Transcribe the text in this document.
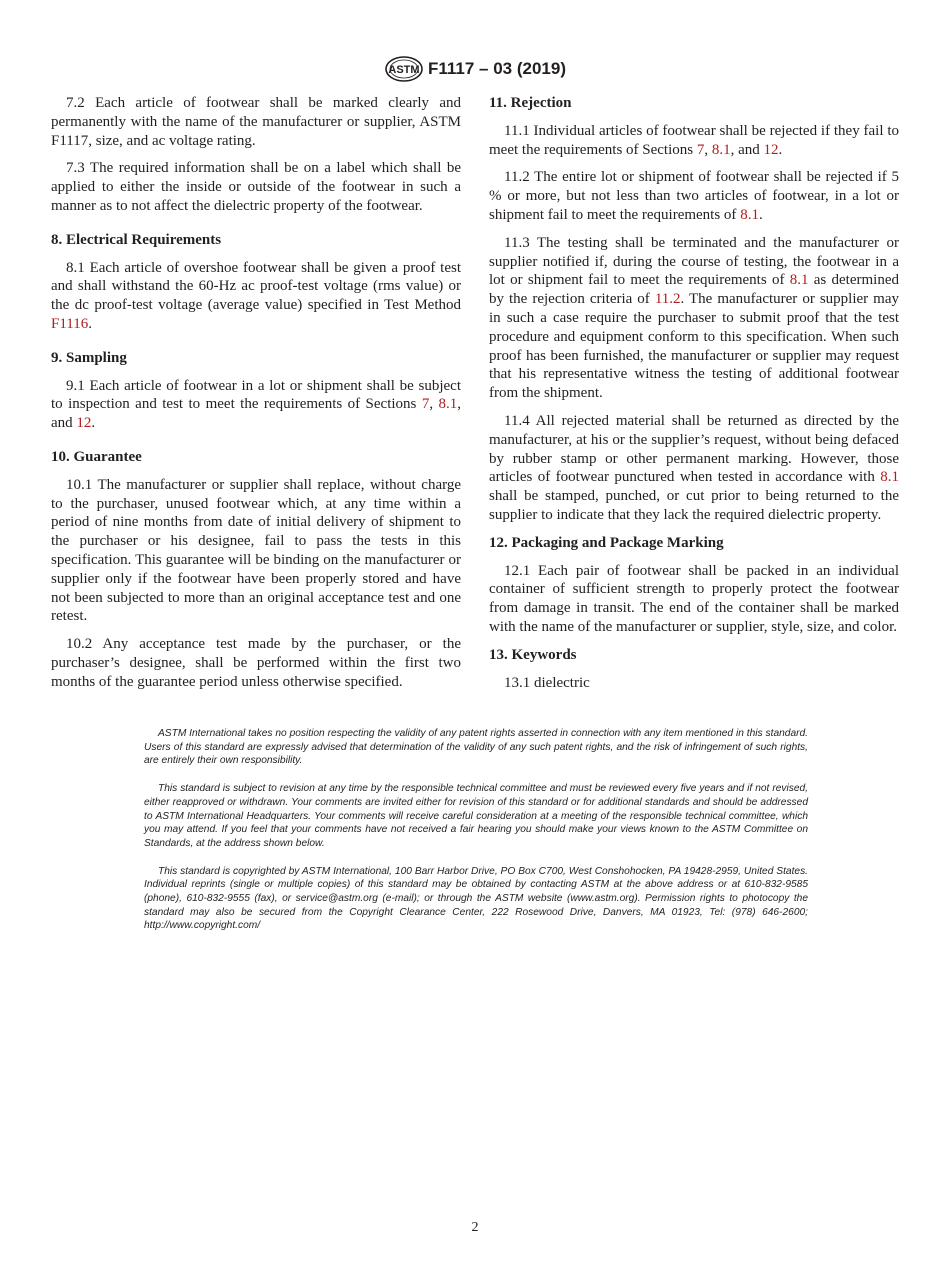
ASTM F1117 – 03 (2019)

7.2 Each article of footwear shall be marked clearly and permanently with the name of the manufacturer or supplier, ASTM F1117, size, and ac voltage rating.

7.3 The required information shall be on a label which shall be applied to either the inside or outside of the footwear in such a manner as to not affect the dielectric property of the footwear.

8. Electrical Requirements

8.1 Each article of overshoe footwear shall be given a proof test and shall withstand the 60-Hz ac proof-test voltage (rms value) or the dc proof-test voltage (average value) specified in Test Method F1116.

9. Sampling

9.1 Each article of footwear in a lot or shipment shall be subject to inspection and test to meet the requirements of Sections 7, 8.1, and 12.

10. Guarantee

10.1 The manufacturer or supplier shall replace, without charge to the purchaser, unused footwear which, at any time within a period of nine months from date of initial delivery of shipment to the purchaser or his designee, fail to pass the tests in this specification. This guarantee will be binding on the manufacturer or supplier only if the footwear have been properly stored and have not been subjected to more than an original acceptance test and one retest.

10.2 Any acceptance test made by the purchaser, or the purchaser’s designee, shall be performed within the first two months of the guarantee period unless otherwise specified.

11. Rejection

11.1 Individual articles of footwear shall be rejected if they fail to meet the requirements of Sections 7, 8.1, and 12.

11.2 The entire lot or shipment of footwear shall be rejected if 5 % or more, but not less than two articles of footwear, in a lot or shipment fail to meet the requirements of 8.1.

11.3 The testing shall be terminated and the manufacturer or supplier notified if, during the course of testing, the footwear in a lot or shipment fail to meet the requirements of 8.1 as determined by the rejection criteria of 11.2. The manufacturer or supplier may in such a case require the purchaser to submit proof that the test procedure and equipment conform to this specification. When such proof has been furnished, the manufacturer or supplier may request that his representative witness the testing of additional footwear from the shipment.

11.4 All rejected material shall be returned as directed by the manufacturer, at his or the supplier’s request, without being defaced by rubber stamp or other permanent marking. However, those articles of footwear punctured when tested in accordance with 8.1 shall be stamped, punched, or cut prior to being returned to the supplier to indicate that they lack the required dielectric property.

12. Packaging and Package Marking

12.1 Each pair of footwear shall be packed in an individual container of sufficient strength to properly protect the footwear from damage in transit. The end of the container shall be marked with the name of the manufacturer or supplier, style, size, and color.

13. Keywords

13.1 dielectric

ASTM International takes no position respecting the validity of any patent rights asserted in connection with any item mentioned in this standard. Users of this standard are expressly advised that determination of the validity of any such patent rights, and the risk of infringement of such rights, are entirely their own responsibility.

This standard is subject to revision at any time by the responsible technical committee and must be reviewed every five years and if not revised, either reapproved or withdrawn. Your comments are invited either for revision of this standard or for additional standards and should be addressed to ASTM International Headquarters. Your comments will receive careful consideration at a meeting of the responsible technical committee, which you may attend. If you feel that your comments have not received a fair hearing you should make your views known to the ASTM Committee on Standards, at the address shown below.

This standard is copyrighted by ASTM International, 100 Barr Harbor Drive, PO Box C700, West Conshohocken, PA 19428-2959, United States. Individual reprints (single or multiple copies) of this standard may be obtained by contacting ASTM at the above address or at 610-832-9585 (phone), 610-832-9555 (fax), or service@astm.org (e-mail); or through the ASTM website (www.astm.org). Permission rights to photocopy the standard may also be secured from the Copyright Clearance Center, 222 Rosewood Drive, Danvers, MA 01923, Tel: (978) 646-2600; http://www.copyright.com/

2
